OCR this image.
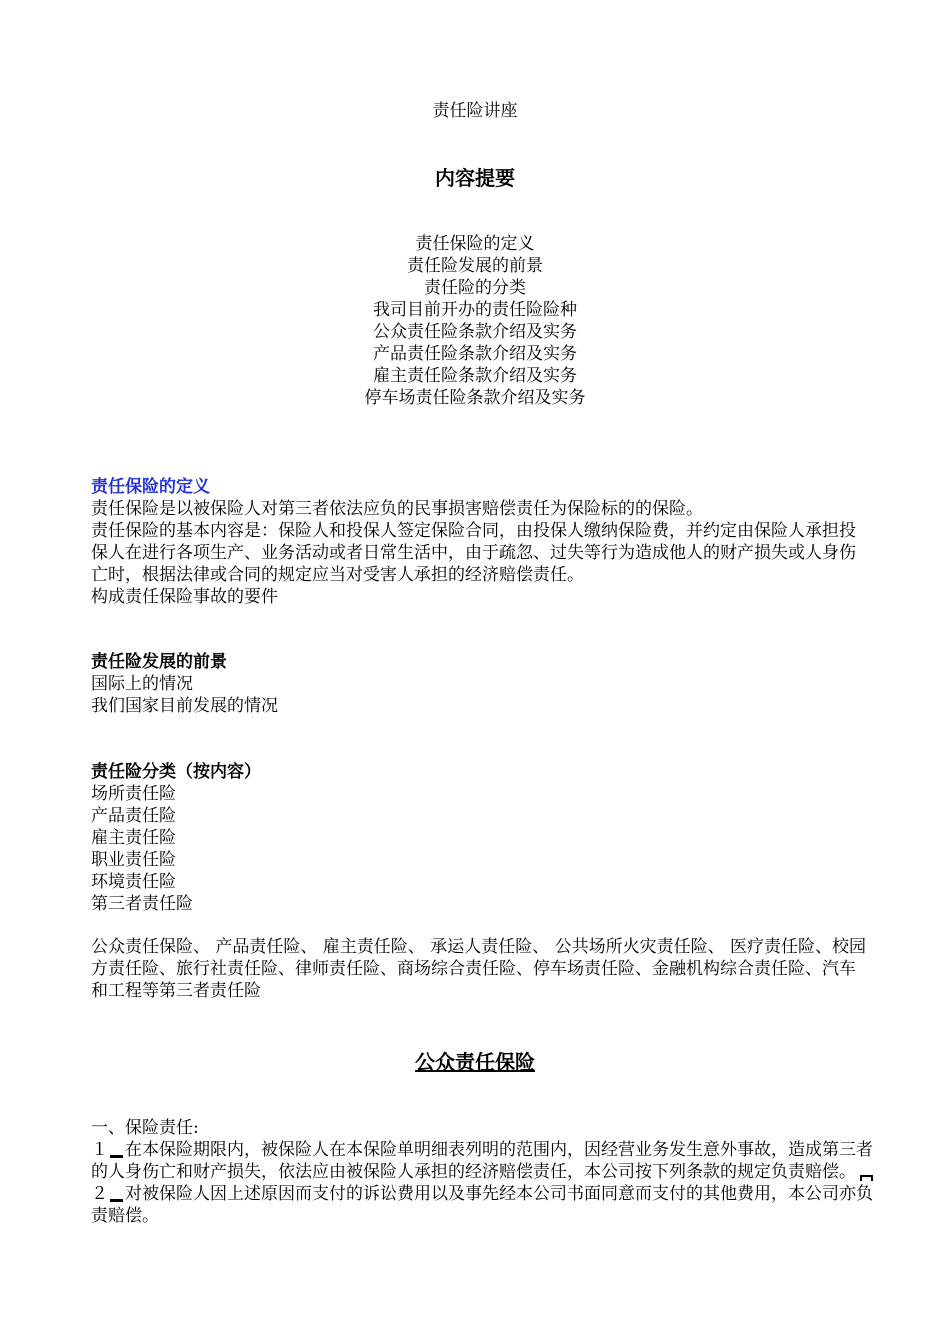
责任险讲座
内容提要
责任保险的定义
责任险发展的前景
责任险的分类
我司目前开办的责任险险种
公众责任险条款介绍及实务
产品责任险条款介绍及实务
雇主责任险条款介绍及实务
停车场责任险条款介绍及实务

责任保险的定义

责任保险是以被保险人对第三者依法应负的民事损害赔偿责任为保险标的的保险。

责任保险的基本内容是：保险人和投保人签定保险合同，由投保人缴纳保险费，并约定由保险人承担投保人在进行各项生产、业务活动或者日常生活中，由于疏忽、过失等行为造成他人的财产损失或人身伤亡时，根据法律或合同的规定应当对受害人承担的经济赔偿责任。

构成责任保险事故的要件

责任险发展的前景

国际上的情况

我们国家目前发展的情况

责任险分类（按内容）

场所责任险

产品责任险

雇主责任险

职业责任险

环境责任险

第三者责任险

公众责任保险、 产品责任险、 雇主责任险、 承运人责任险、 公共场所火灾责任险、 医疗责任险、校园方责任险、旅行社责任险、律师责任险、商场综合责任险、停车场责任险、金融机构综合责任险、汽车和工程等第三者责任险

公众责任保险

一、保险责任:

１ 在本保险期限内，被保险人在本保险单明细表列明的范围内，因经营业务发生意外事故，造成第三者的人身伤亡和财产损失，依法应由被保险人承担的经济赔偿责任，本公司按下列条款的规定负责赔偿。

２ 对被保险人因上述原因而支付的诉讼费用以及事先经本公司书面同意而支付的其他费用，本公司亦负责赔偿。
